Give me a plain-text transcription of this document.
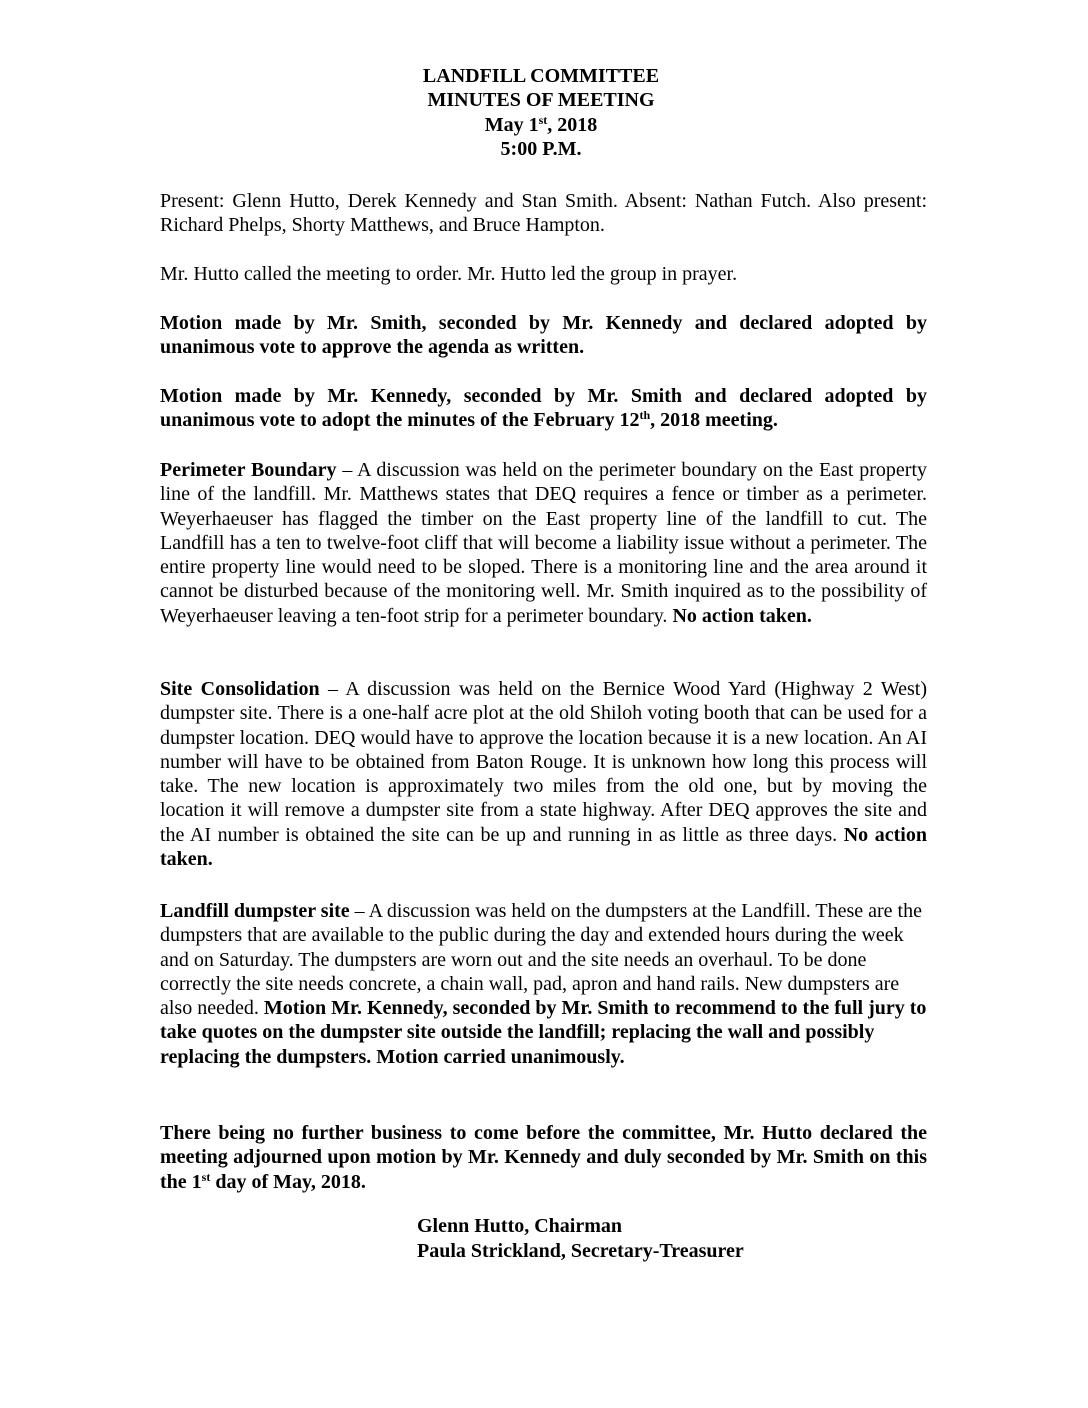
LANDFILL COMMITTEE
MINUTES OF MEETING
May 1st, 2018
5:00 P.M.

Present: Glenn Hutto, Derek Kennedy and Stan Smith. Absent: Nathan Futch. Also present: Richard Phelps, Shorty Matthews, and Bruce Hampton.

Mr. Hutto called the meeting to order. Mr. Hutto led the group in prayer.

Motion made by Mr. Smith, seconded by Mr. Kennedy and declared adopted by unanimous vote to approve the agenda as written.

Motion made by Mr. Kennedy, seconded by Mr. Smith and declared adopted by unanimous vote to adopt the minutes of the February 12th, 2018 meeting.

Perimeter Boundary – A discussion was held on the perimeter boundary on the East property line of the landfill. Mr. Matthews states that DEQ requires a fence or timber as a perimeter. Weyerhaeuser has flagged the timber on the East property line of the landfill to cut. The Landfill has a ten to twelve-foot cliff that will become a liability issue without a perimeter. The entire property line would need to be sloped. There is a monitoring line and the area around it cannot be disturbed because of the monitoring well. Mr. Smith inquired as to the possibility of Weyerhaeuser leaving a ten-foot strip for a perimeter boundary. No action taken.

Site Consolidation – A discussion was held on the Bernice Wood Yard (Highway 2 West) dumpster site. There is a one-half acre plot at the old Shiloh voting booth that can be used for a dumpster location. DEQ would have to approve the location because it is a new location. An AI number will have to be obtained from Baton Rouge. It is unknown how long this process will take. The new location is approximately two miles from the old one, but by moving the location it will remove a dumpster site from a state highway. After DEQ approves the site and the AI number is obtained the site can be up and running in as little as three days. No action taken.

Landfill dumpster site – A discussion was held on the dumpsters at the Landfill. These are the dumpsters that are available to the public during the day and extended hours during the week and on Saturday. The dumpsters are worn out and the site needs an overhaul. To be done correctly the site needs concrete, a chain wall, pad, apron and hand rails. New dumpsters are also needed. Motion Mr. Kennedy, seconded by Mr. Smith to recommend to the full jury to take quotes on the dumpster site outside the landfill; replacing the wall and possibly replacing the dumpsters. Motion carried unanimously.

There being no further business to come before the committee, Mr. Hutto declared the meeting adjourned upon motion by Mr. Kennedy and duly seconded by Mr. Smith on this the 1st day of May, 2018.

Glenn Hutto, Chairman
Paula Strickland, Secretary-Treasurer
